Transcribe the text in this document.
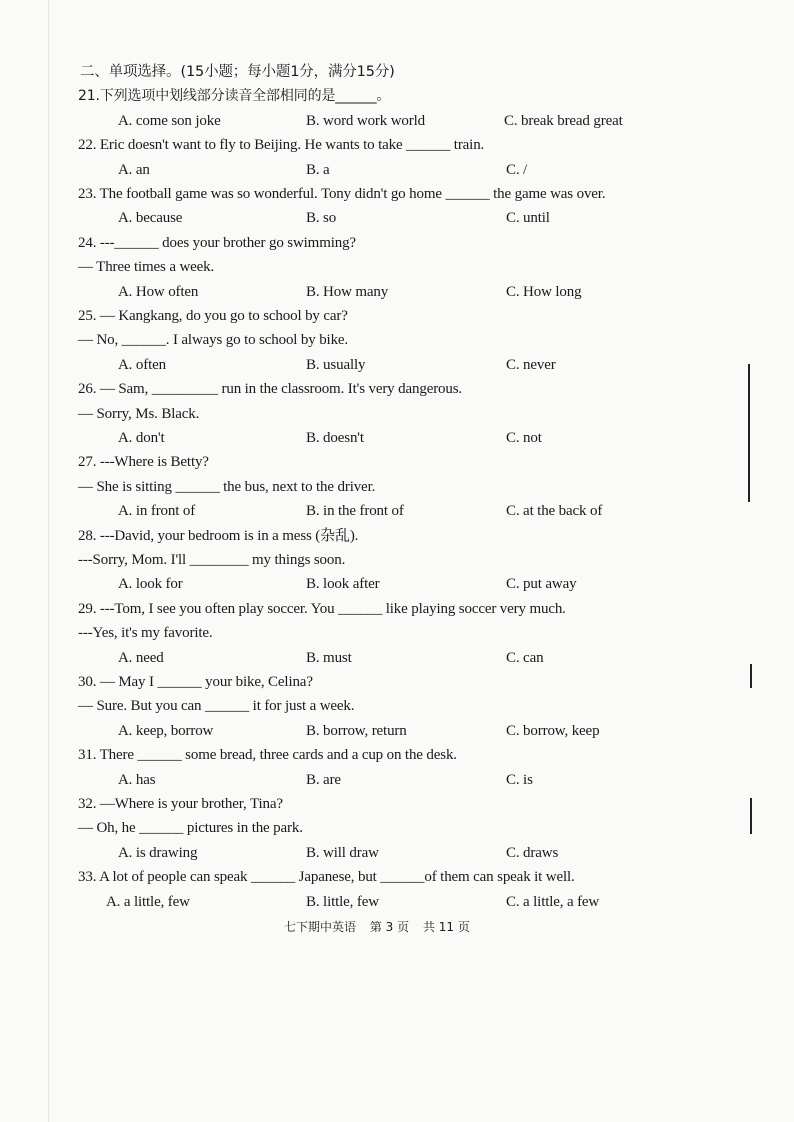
二、单项选择。(15小题；每小题1分，满分15分)
21.下列选项中划线部分读音全部相同的是______。
A. come son joke	B. word work world	C. break bread great
22. Eric doesn't want to fly to Beijing. He wants to take ______ train.
A. an	B. a	C. /
23. The football game was so wonderful. Tony didn't go home ______ the game was over.
A. because	B. so	C. until
24. ---______ does your brother go swimming?
— Three times a week.
A. How often	B. How many	C. How long
25. — Kangkang, do you go to school by car?
— No, ______. I always go to school by bike.
A. often	B. usually	C. never
26. — Sam, _________ run in the classroom. It's very dangerous.
— Sorry, Ms. Black.
A. don't	B. doesn't	C. not
27. ---Where is Betty?
— She is sitting ______ the bus, next to the driver.
A. in front of	B. in the front of	C. at the back of
28. ---David, your bedroom is in a mess (杂乱).
---Sorry, Mom. I'll ________ my things soon.
A. look for	B. look after	C. put away
29. ---Tom, I see you often play soccer. You ______ like playing soccer very much.
---Yes, it's my favorite.
A. need	B. must	C. can
30. — May I ______ your bike, Celina?
— Sure. But you can ______ it for just a week.
A. keep, borrow	B. borrow, return	C. borrow, keep
31. There ______ some bread, three cards and a cup on the desk.
A. has	B. are	C. is
32. —Where is your brother, Tina?
— Oh, he ______ pictures in the park.
A. is drawing	B. will draw	C. draws
33. A lot of people can speak ______ Japanese, but ______of them can speak it well.
A. a little, few	B. little, few	C. a little, a few
七下期中英语 第 3 页 共 11 页
